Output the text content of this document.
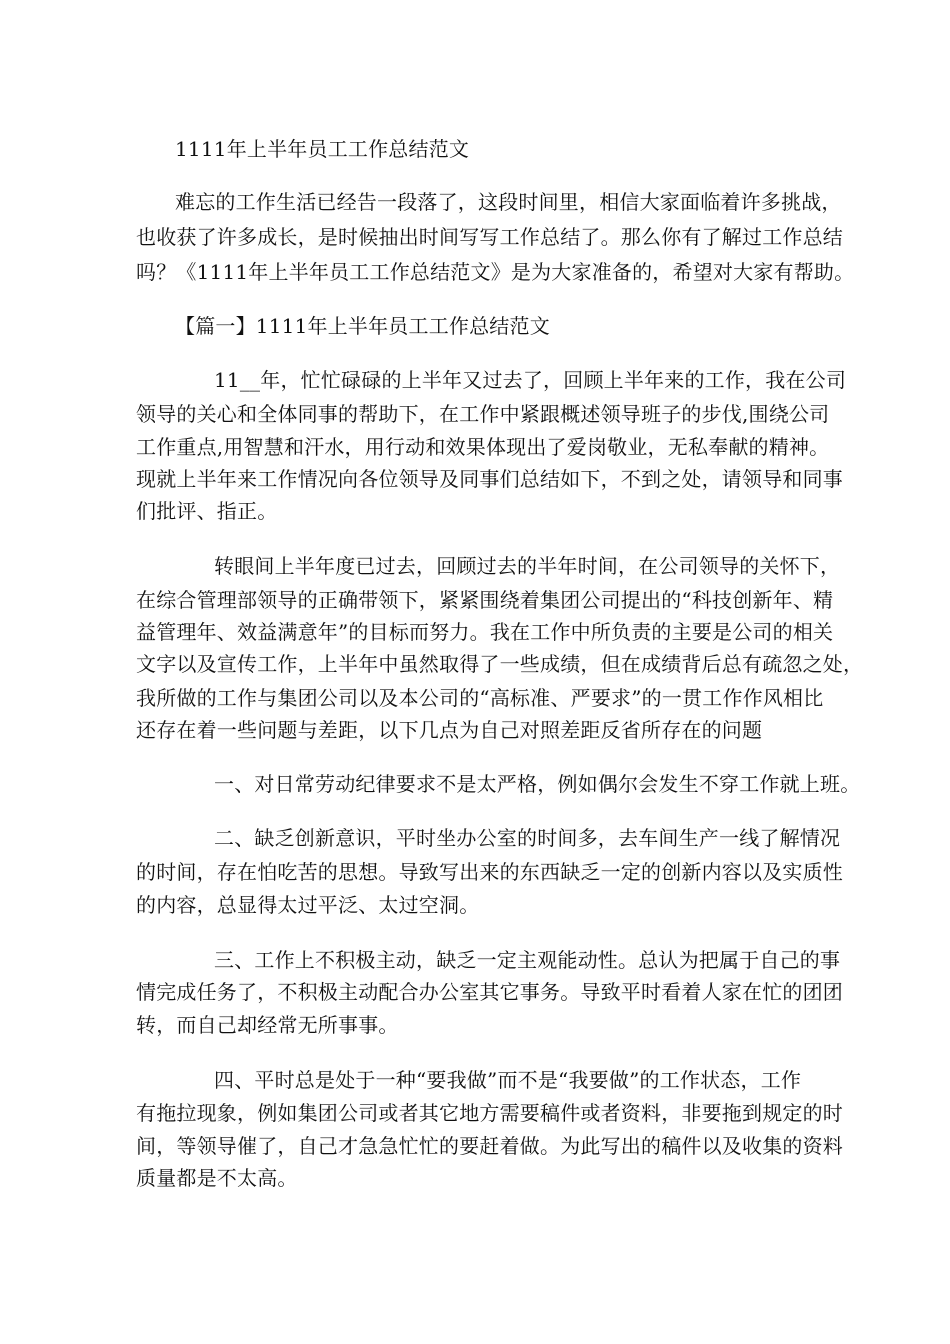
1111年上半年员工工作总结范文

难忘的工作生活已经告一段落了，这段时间里，相信大家面临着许多挑战，

也收获了许多成长，是时候抽出时间写写工作总结了。那么你有了解过工作总结

吗？《1111年上半年员工工作总结范文》是为大家准备的，希望对大家有帮助。

【篇一】1111年上半年员工工作总结范文

11__年，忙忙碌碌的上半年又过去了，回顾上半年来的工作，我在公司

领导的关心和全体同事的帮助下，在工作中紧跟概述领导班子的步伐,围绕公司

工作重点,用智慧和汗水，用行动和效果体现出了爱岗敬业，无私奉献的精神。

现就上半年来工作情况向各位领导及同事们总结如下，不到之处，请领导和同事

们批评、指正。

转眼间上半年度已过去，回顾过去的半年时间，在公司领导的关怀下，

在综合管理部领导的正确带领下，紧紧围绕着集团公司提出的“科技创新年、精

益管理年、效益满意年”的目标而努力。我在工作中所负责的主要是公司的相关

文字以及宣传工作，上半年中虽然取得了一些成绩，但在成绩背后总有疏忽之处，

我所做的工作与集团公司以及本公司的“高标准、严要求”的一贯工作作风相比

还存在着一些问题与差距，以下几点为自己对照差距反省所存在的问题

一、对日常劳动纪律要求不是太严格，例如偶尔会发生不穿工作就上班。

二、缺乏创新意识，平时坐办公室的时间多，去车间生产一线了解情况

的时间，存在怕吃苦的思想。导致写出来的东西缺乏一定的创新内容以及实质性

的内容，总显得太过平泛、太过空洞。

三、工作上不积极主动，缺乏一定主观能动性。总认为把属于自己的事

情完成任务了，不积极主动配合办公室其它事务。导致平时看着人家在忙的团团

转，而自己却经常无所事事。

四、平时总是处于一种“要我做”而不是“我要做”的工作状态，工作

有拖拉现象，例如集团公司或者其它地方需要稿件或者资料，非要拖到规定的时

间，等领导催了，自己才急急忙忙的要赶着做。为此写出的稿件以及收集的资料

质量都是不太高。
